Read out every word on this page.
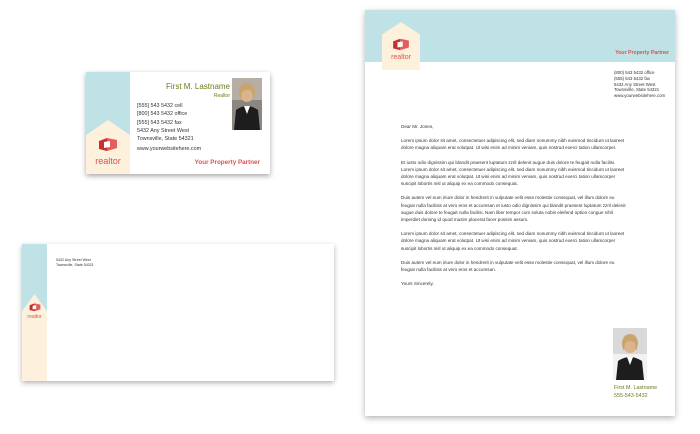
realtor
First M. Lastname
Realtor
[555] 543 5432 cell
[800] 543 5432 office
[555] 543 5432 fax
5432 Any Street West
Townsville, State 54321
www.yourwebsitehere.com
Your Property Partner
realtor
5432 Any Street West
Townsville, State 54321
realtor
Your Property Partner
(800) 543 5432 office
(555) 543 5432 fax
5432 Any Street West
Townsville, State 54321
www.yourwebsitehere.com

Dear Mr. Jones,

Lorem ipsum dolor sit amet, consectetuer adipiscing elit, sed diam nonummy nibh euismod tincidunt ut laoreet dolore magna aliquam erat volutpat. Ut wisi enim ad minim veniam, quis nostrud exerci tation ullamcorper.

Et iusto odio dignissim qui blandit praesent luptatum zzril delenit augue duis dolore te feugait nulla facilisi. Lorem ipsum dolor sit amet, consectetuer adipiscing elit, sed diam nonummy nibh euismod tincidunt ut laoreet dolore magna aliquam erat volutpat. Ut wisi enim ad minim veniam, quis nostrud exerci tation ullamcorper suscipit lobortis nisl ut aliquip ex ea commodo consequat.

Duis autem vel eum iriure dolor in hendrerit in vulputate velit esse molestie consequat, vel illum dolore eu feugiat nulla facilisis at vero eros et accumsan et iusto odio dignissim qui blandit praesent luptatum zzril delenit augue duis dolore te feugait nulla facilisi. Nam liber tempor cum soluta nobis eleifend option congue nihil imperdiet doming id quod mazim placerat facer possim assum.

Lorem ipsum dolor sit amet, consectetuer adipiscing elit, sed diam nonummy nibh euismod tincidunt ut laoreet dolore magna aliquam erat volutpat. Ut wisi enim ad minim veniam, quis nostrud exerci tation ullamcorper suscipit lobortis nisl ut aliquip ex ea commodo consequat.

Duis autem vel eum iriure dolor in hendrerit in vulputate velit esse molestie consequat, vel illum dolore eu feugiat nulla facilisis at vero eros et accumsan.

Yours Sincerely,

First M. Lastname
555-543-5432
